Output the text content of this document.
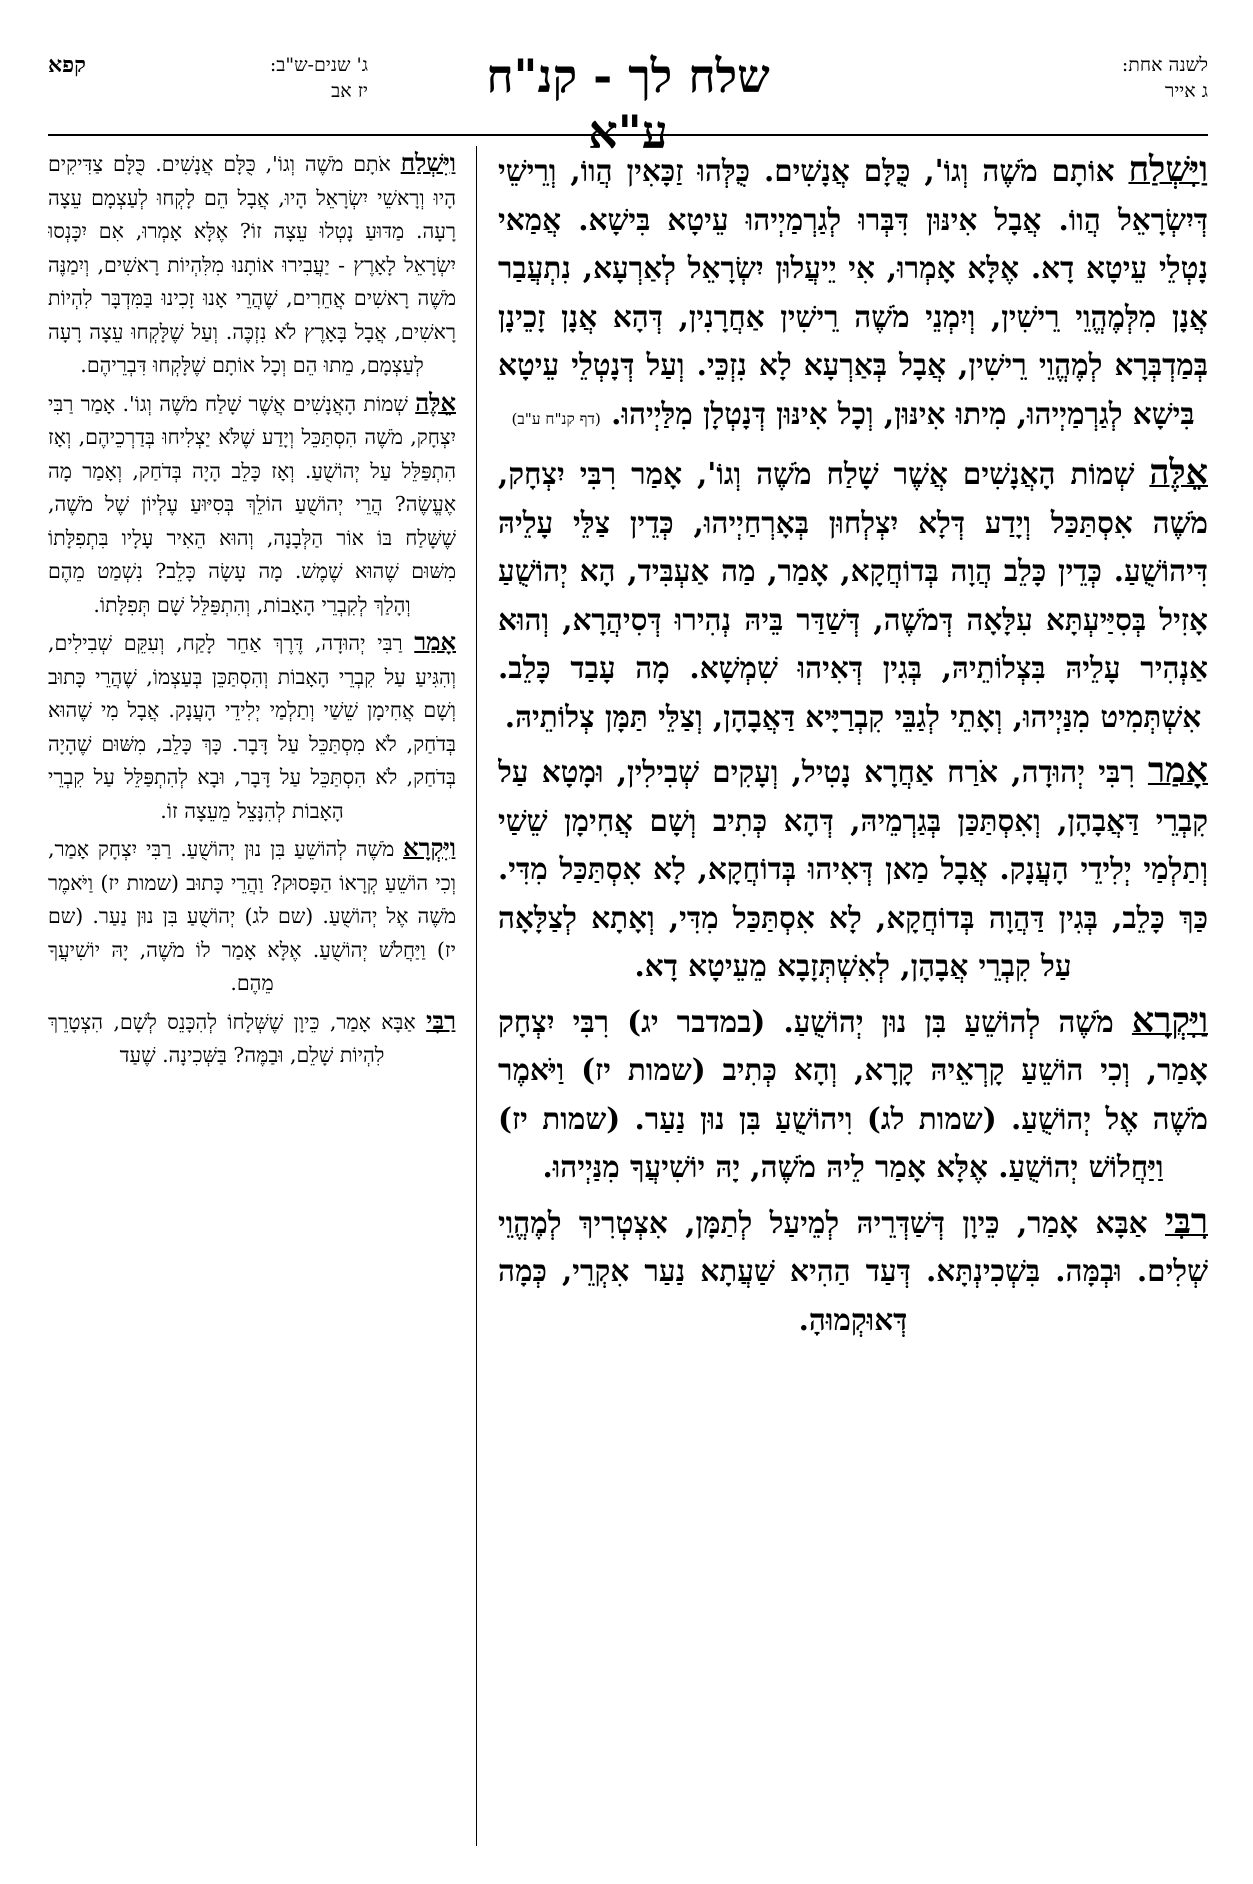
לשנה אחת:
ג אייר
שלח לך - קנ"ח ע"א
ג' שנים-ש"ב:
יז אב
קפא

וַיִּשְׁלַח אוֹתָם מֹשֶׁה וְגוֹ', כֻּלָּם אֲנָשִׁים. כֻּלְּהוּ זַכָּאִין הֲווֹ, וְרֵישֵׁי דְּיִשְׂרָאֵל הֲווֹ. אֲבָל אִינּוּן דִּבְּרוּ לְגַרְמַיְיהוּ עֵיטָא בִּישָׁא. אֲמַאי נָטְלֵי עֵיטָא דָא. אֶלָּא אָמְרוּ, אִי יֵיעֲלוּן יִשְׂרָאֵל לְאַרְעָא, נִתְעֲבַר אֲנָן מִלְּמֶהֱוֵי רֵישִׁין, וְיִמְנֵי מֹשֶׁה רֵישִׁין אַחֲרָנִין, דְּהָא אֲנָן זָכֵינָן בְּמַדְבְּרָא לְמֶהֱוֵי רֵישִׁין, אֲבָל בְּאַרְעָא לָא נִזְכֵּי. וְעַל דְּנָטְלֵי עֵיטָא בִּישָׁא לְגַרְמַיְיהוּ, מִיתוּ אִינּוּן, וְכָל אִינּוּן דְּנָטְלָן מִלַּיְיהוּ. (דף קנ"ח ע"ב)

אֵלֶּה שְׁמוֹת הָאֲנָשִׁים אֲשֶׁר שָׁלַח מֹשֶׁה וְגוֹ', אָמַר רִבִּי יִצְחָק, מֹשֶׁה אִסְתַּכַּל וְיָדַע דְּלָא יִצְלְחוּן בְּאָרְחַיְיהוּ, כְּדֵין צַלֵּי עָלֵיהּ דִּיהוֹשֻׁעַ. כְּדֵין כָּלֵב הֲוָה בְּדוֹחֲקָא, אָמַר, מַה אַעְבִּיד, הָא יְהוֹשֻׁעַ אָזִיל בְּסִיַּיעְתָּא עִלָּאָה דְּמֹשֶׁה, דְּשַׁדַּר בֵּיהּ נְהִירוּ דְּסִיהֲרָא, וְהוּא אַנְהִיר עָלֵיהּ בִּצְלוֹתֵיהּ, בְּגִין דְּאִיהוּ שִׁמְשָׁא. מָה עָבַד כָּלֵב. אִשְׁתְּמִיט מִנַּיְיהוּ, וְאָתֵי לְגַבֵּי קִבְרַיָּיא דַּאֲבָהָן, וְצַלֵּי תַּמָּן צְלוֹתֵיהּ.

אָמַר רִבִּי יְהוּדָה, אֹרַח אַחֲרָא נָטִיל, וְעָקִים שְׁבִילִין, וּמָטָא עַל קִבְרֵי דַּאֲבָהָן, וְאִסְתַּכַּן בְּגַרְמֵיהּ, דְּהָא כְּתִיב וְשָׁם אֲחִימָן שֵׁשַׁי וְתַלְמַי יְלִידֵי הָעֲנָק. אֲבָל מַאן דְּאִיהוּ בְּדוֹחֲקָא, לָא אִסְתַּכַּל מִדִּי. כַּךְ כָּלֵב, בְּגִין דַּהֲוָה בְּדוֹחֲקָא, לָא אִסְתַּכַּל מִדִּי, וְאָתָא לְצַלָּאָה עַל קִבְרֵי אֲבָהָן, לְאִשְׁתְּזָבָא מֵעֵיטָא דָא.

וַיִּקְרָא מֹשֶׁה לְהוֹשֵׁעַ בִּן נוּן יְהוֹשֻׁעַ. (במדבר יג) רִבִּי יִצְחָק אָמַר, וְכִי הוֹשֵׁעַ קָרְאֵיהּ קָרָא, וְהָא כְּתִיב (שמות יז) וַיֹּאמֶר מֹשֶׁה אֶל יְהוֹשֻׁעַ. (שמות לג) וִיהוֹשֻׁעַ בִּן נוּן נַעַר. (שמות יז) וַיַּחֲלוֹשׁ יְהוֹשֻׁעַ. אֶלָּא אָמַר לֵיהּ מֹשֶׁה, יָהּ יוֹשִׁיעֲךָ מִנַּיְיהוּ.

רִבִּי אַבָּא אָמַר, כֵּיוָן דְּשַׁדְּרֵיהּ לְמֵיעַל לְתַמָּן, אִצְטְרִיךְ לְמֶהֱוֵי שְׁלִים. וּבְמָּה. בִּשְׁכִינְתָּא. דְּעַד הַהִיא שַׁעֲתָא נַעַר אִקְרֵי, כְּמָה דְּאוּקְמוּהָ.

וַיִּשְׁלַח אֹתָם מֹשֶׁה וְגוֹ', כֻּלָּם אֲנָשִׁים. כֻּלָּם צַדִּיקִים הָיוּ וְרָאשֵׁי יִשְׂרָאֵל הָיוּ, אֲבָל הֵם לָקְחוּ לְעַצְמָם עֵצָה רָעָה. מַדּוּעַ נָטְלוּ עֵצָה זוֹ? אֶלָּא אָמְרוּ, אִם יִכָּנְסוּ יִשְׂרָאֵל לָאָרֶץ - יַעֲבִירוּ אוֹתָנוּ מִלִּהְיוֹת רָאשִׁים, וְיִמַנֶּה מֹשֶׁה רָאשִׁים אֲחֵרִים, שֶׁהֲרֵי אָנוּ זָכִינוּ בַּמִּדְבָּר לִהְיוֹת רָאשִׁים, אֲבָל בָּאָרֶץ לֹא נִזְכֶּה. וְעַל שֶׁלָּקְחוּ עֵצָה רָעָה לְעַצְמָם, מֵתוּ הֵם וְכָל אוֹתָם שֶׁלָּקְחוּ דִּבְרֵיהֶם.

אֵלֶּה שְׁמוֹת הָאֲנָשִׁים אֲשֶׁר שָׁלַח מֹשֶׁה וְגוֹ'. אָמַר רַבִּי יִצְחָק, מֹשֶׁה הִסְתַּכֵּל וְיָדַע שֶׁלֹּא יַצְלִיחוּ בְּדַרְכֵיהֶם, וְאָז הִתְפַּלֵּל עַל יְהוֹשֻׁעַ. וְאָז כָּלֵב הָיָה בְּדֹחַק, וְאָמַר מָה אֶעֱשֶׂה? הֲרֵי יְהוֹשֻׁעַ הוֹלֵךְ בְּסִיּוּעַ עֶלְיוֹן שֶׁל מֹשֶׁה, שֶׁשָּׁלַח בּוֹ אוֹר הַלְּבָנָה, וְהוּא הֵאִיר עָלָיו בִּתְפִלָּתוֹ מִשּׁוּם שֶׁהוּא שֶׁמֶשׁ. מָה עָשָׂה כָּלֵב? נִשְׁמַט מֵהֶם וְהָלַךְ לְקִבְרֵי הָאָבוֹת, וְהִתְפַּלֵּל שָׁם תְּפִלָּתוֹ.

אָמַר רַבִּי יְהוּדָה, דֶּרֶךְ אַחֵר לָקַח, וְעִקֵּם שְׁבִילִים, וְהִגִּיעַ עַל קִבְרֵי הָאָבוֹת וְהִסְתַּכֵּן בְּעַצְמוֹ, שֶׁהֲרֵי כָּתוּב וְשָׁם אֲחִימָן שֵׁשַׁי וְתַלְמַי יְלִידֵי הָעֲנָק. אֲבָל מִי שֶׁהוּא בְּדֹחַק, לֹא מִסְתַּכֵּל עַל דָּבָר. כָּךְ כָּלֵב, מִשּׁוּם שֶׁהָיָה בְּדֹחַק, לֹא הִסְתַּכֵּל עַל דָּבָר, וּבָא לְהִתְפַּלֵּל עַל קִבְרֵי הָאָבוֹת לְהִנָּצֵל מֵעֵצָה זוֹ.

וַיִּקְרָא מֹשֶׁה לְהוֹשֵׁעַ בִּן נוּן יְהוֹשֻׁעַ. רַבִּי יִצְחָק אָמַר, וְכִי הוֹשֵׁעַ קְרָאוֹ הַפָּסוּק? וַהֲרֵי כָּתוּב (שמות יז) וַיֹּאמֶר מֹשֶׁה אֶל יְהוֹשֻׁעַ. (שם לג) יְהוֹשֻׁעַ בִּן נוּן נַעַר. (שם יז) וַיַּחֲלֹשׁ יְהוֹשֻׁעַ. אֶלָּא אָמַר לוֹ מֹשֶׁה, יָהּ יוֹשִׁיעֲךָ מֵהֶם.

רַבִּי אַבָּא אָמַר, כֵּיוָן שֶׁשְּׁלָחוֹ לְהִכָּנֵס לְשָׁם, הִצְטָרֵךְ לִהְיוֹת שָׁלֵם, וּבַמֶּה? בַּשְּׁכִינָה. שֶׁעַד
